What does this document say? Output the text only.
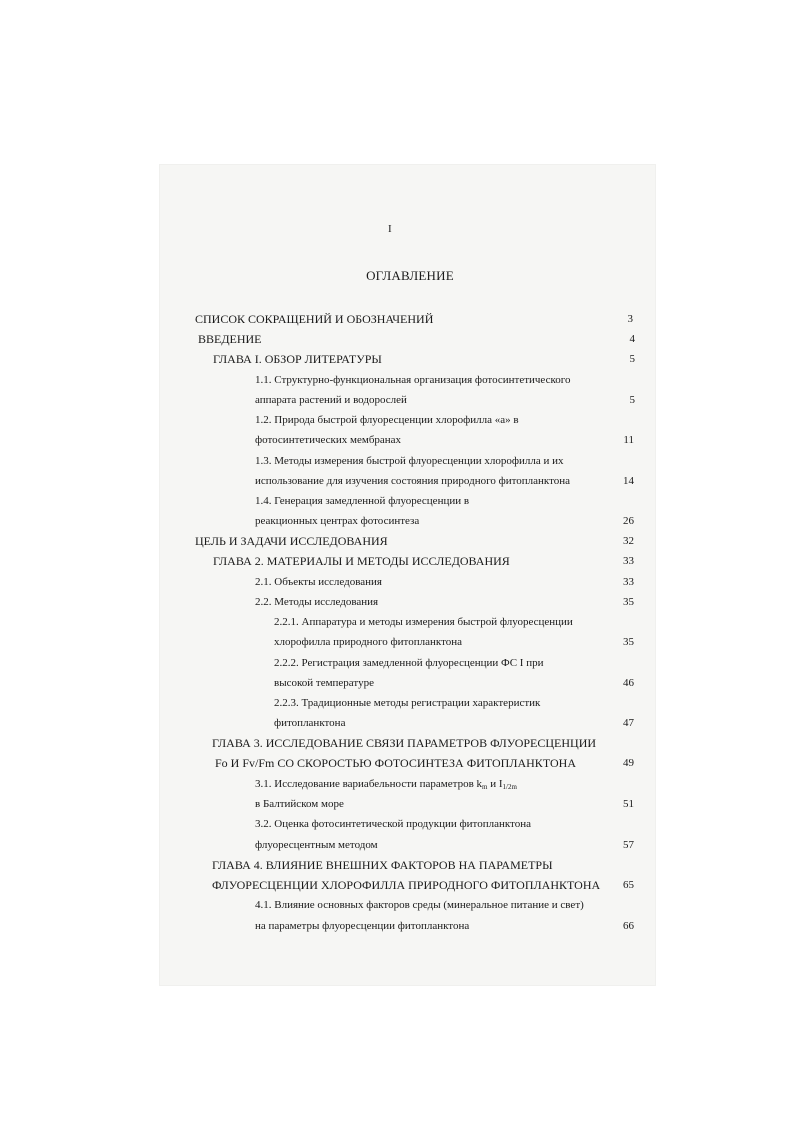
I
ОГЛАВЛЕНИЕ
СПИСОК СОКРАЩЕНИЙ И ОБОЗНАЧЕНИЙ	3
ВВЕДЕНИЕ	4
ГЛАВА I. ОБЗОР ЛИТЕРАТУРЫ	5
1.1. Структурно-функциональная организация фотосинтетического
аппарата растений и водорослей	5
1.2. Природа быстрой флуоресценции хлорофилла «а» в
фотосинтетических мембранах	11
1.3. Методы измерения быстрой флуоресценции хлорофилла и их
использование для изучения состояния природного фитопланктона	14
1.4. Генерация замедленной флуоресценции в
реакционных центрах фотосинтеза	26
ЦЕЛЬ И ЗАДАЧИ ИССЛЕДОВАНИЯ	32
ГЛАВА 2. МАТЕРИАЛЫ И МЕТОДЫ ИССЛЕДОВАНИЯ	33
2.1. Объекты исследования	33
2.2. Методы исследования	35
2.2.1. Аппаратура и методы измерения быстрой флуоресценции
хлорофилла природного фитопланктона	35
2.2.2. Регистрация замедленной флуоресценции ФС I при
высокой температуре	46
2.2.3. Традиционные методы регистрации характеристик
фитопланктона	47
ГЛАВА 3. ИССЛЕДОВАНИЕ СВЯЗИ ПАРАМЕТРОВ ФЛУОРЕСЦЕНЦИИ
Fo И Fv/Fm СО СКОРОСТЬЮ ФОТОСИНТЕЗА ФИТОПЛАНКТОНА	49
3.1. Исследование вариабельности параметров $k_m$ и $I_{1/2m}$
в Балтийском море	51
3.2. Оценка фотосинтетической продукции фитопланктона
флуоресцентным методом	57
ГЛАВА 4. ВЛИЯНИЕ ВНЕШНИХ ФАКТОРОВ НА ПАРАМЕТРЫ
ФЛУОРЕСЦЕНЦИИ ХЛОРОФИЛЛА ПРИРОДНОГО ФИТОПЛАНКТОНА	65
4.1. Влияние основных факторов среды (минеральное питание и свет)
на параметры флуоресценции фитопланктона	66
